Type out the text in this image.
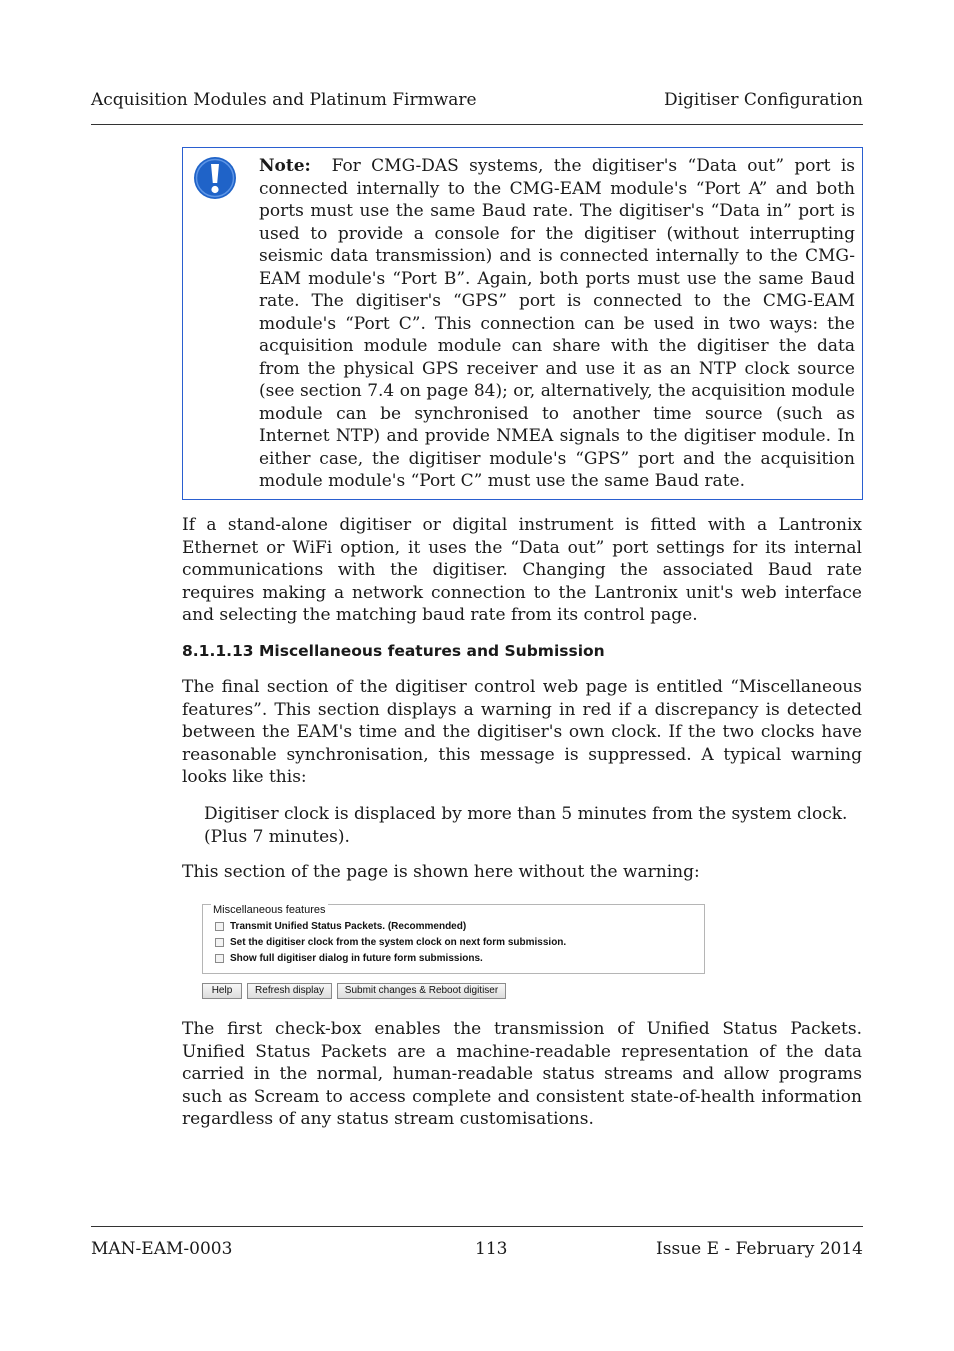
Acquisition Modules and Platinum Firmware	Digitiser Configuration
Note: For CMG-DAS systems, the digitiser's “Data out” port is connected internally to the CMG-EAM module's “Port A” and both ports must use the same Baud rate. The digitiser's “Data in” port is used to provide a console for the digitiser (without interrupting seismic data transmission) and is connected internally to the CMG-EAM module's “Port B”. Again, both ports must use the same Baud rate. The digitiser's “GPS” port is connected to the CMG-EAM module's “Port C”. This connection can be used in two ways: the acquisition module module can share with the digitiser the data from the physical GPS receiver and use it as an NTP clock source (see section 7.4 on page 84); or, alternatively, the acquisition module module can be synchronised to another time source (such as Internet NTP) and provide NMEA signals to the digitiser module. In either case, the digitiser module's “GPS” port and the acquisition module module's “Port C” must use the same Baud rate.
If a stand-alone digitiser or digital instrument is fitted with a Lantronix Ethernet or WiFi option, it uses the “Data out” port settings for its internal communications with the digitiser. Changing the associated Baud rate requires making a network connection to the Lantronix unit's web interface and selecting the matching baud rate from its control page.
8.1.1.13 Miscellaneous features and Submission
The final section of the digitiser control web page is entitled “Miscellaneous features”. This section displays a warning in red if a discrepancy is detected between the EAM's time and the digitiser's own clock. If the two clocks have reasonable synchronisation, this message is suppressed. A typical warning looks like this:
Digitiser clock is displaced by more than 5 minutes from the system clock. (Plus 7 minutes).
This section of the page is shown here without the warning:
Miscellaneous features
Transmit Unified Status Packets. (Recommended)
Set the digitiser clock from the system clock on next form submission.
Show full digitiser dialog in future form submissions.
Help	Refresh display	Submit changes & Reboot digitiser
The first check-box enables the transmission of Unified Status Packets. Unified Status Packets are a machine-readable representation of the data carried in the normal, human-readable status streams and allow programs such as Scream to access complete and consistent state-of-health information regardless of any status stream customisations.
MAN-EAM-0003	113	Issue E - February 2014
